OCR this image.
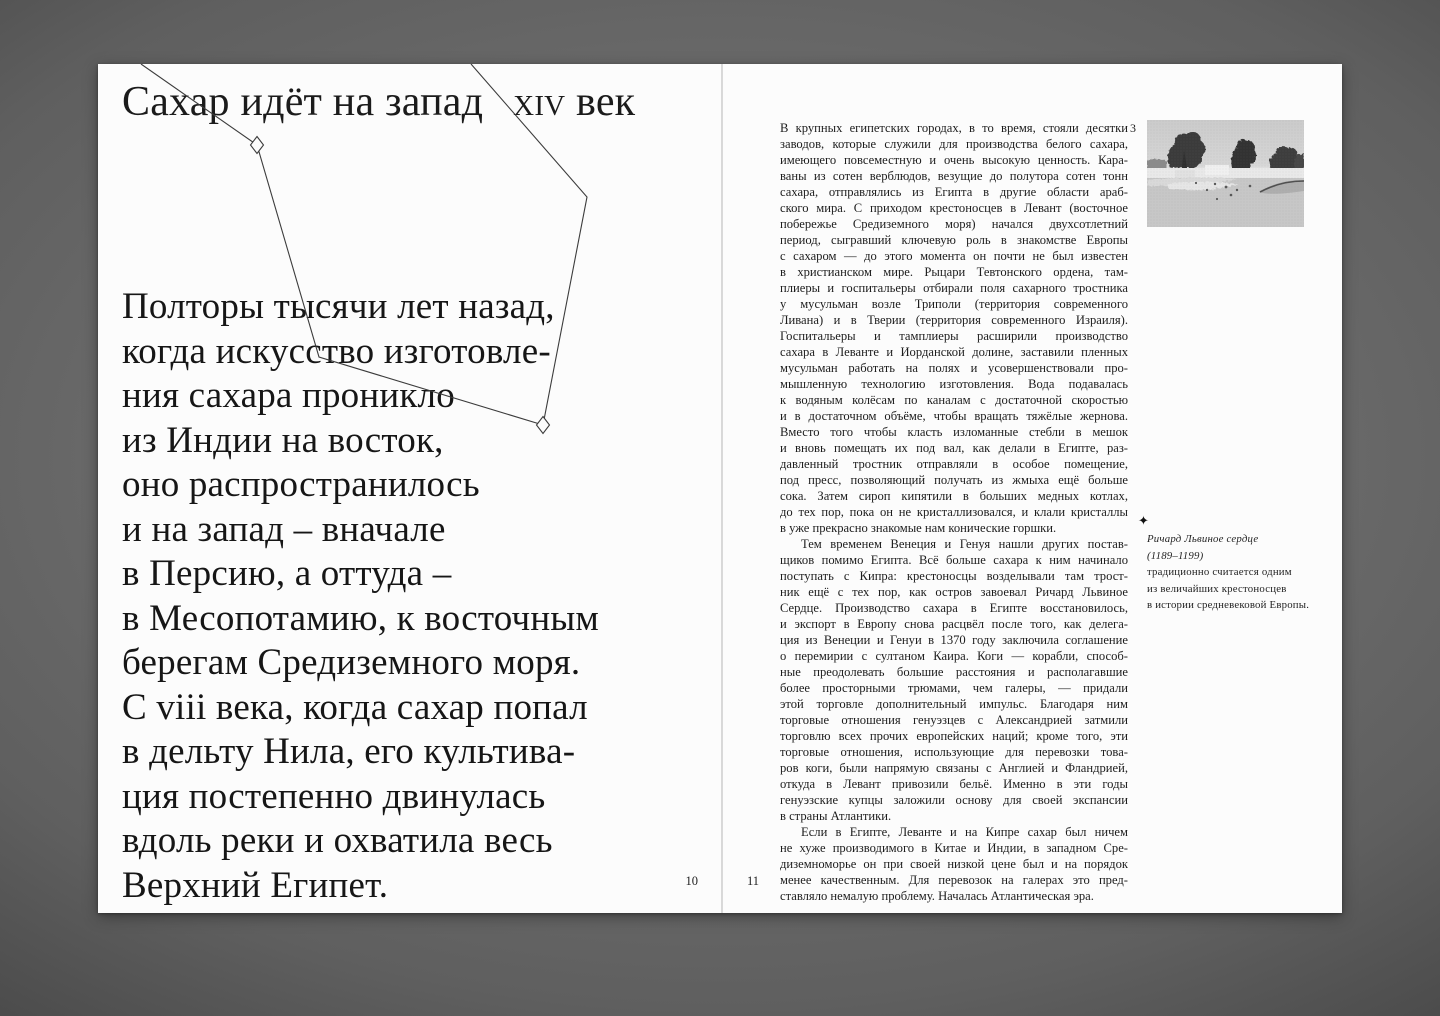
Сахар идёт на запад xiv век
Полторы тысячи лет назад,
когда искусство изготовле-
ния сахара проникло
из Индии на восток,
оно распространилось
и на запад – вначале
в Персию, а оттуда –
в Месопотамию, к восточным
берегам Средиземного моря.
С viii века, когда сахар попал
в дельту Нила, его культива-
ция постепенно двинулась
вдоль реки и охватила весь
Верхний Египет.	10	11
В крупных египетских городах, в то время, стояли десятки
заводов, которые служили для производства белого сахара,
имеющего повсеместную и очень высокую ценность. Кара-
ваны из сотен верблюдов, везущие до полутора сотен тонн
сахара, отправлялись из Египта в другие области араб-
ского мира. С приходом крестоносцев в Левант (восточное
побережье Средиземного моря) начался двухсотлетний
период, сыгравший ключевую роль в знакомстве Европы
с сахаром — до этого момента он почти не был известен
в христианском мире. Рыцари Тевтонского ордена, там-
плиеры и госпитальеры отбирали поля сахарного тростника
у мусульман возле Триполи (территория современного
Ливана) и в Тверии (территория современного Израиля).
Госпитальеры и тамплиеры расширили производство
сахара в Леванте и Иорданской долине, заставили пленных
мусульман работать на полях и усовершенствовали про-
мышленную технологию изготовления. Вода подавалась
к водяным колёсам по каналам с достаточной скоростью
и в достаточном объёме, чтобы вращать тяжёлые жернова.
Вместо того чтобы класть изломанные стебли в мешок
и вновь помещать их под вал, как делали в Египте, раз-
давленный тростник отправляли в особое помещение,
под пресс, позволяющий получать из жмыха ещё больше
сока. Затем сироп кипятили в больших медных котлах,
до тех пор, пока он не кристаллизовался, и клали кристаллы
в уже прекрасно знакомые нам конические горшки.
Тем временем Венеция и Генуя нашли других постав-
щиков помимо Египта. Всё больше сахара к ним начинало
поступать с Кипра: крестоносцы возделывали там трост-
ник ещё с тех пор, как остров завоевал Ричард Львиное
Сердце. Производство сахара в Египте восстановилось,
и экспорт в Европу снова расцвёл после того, как делега-
ция из Венеции и Генуи в 1370 году заключила соглашение
о перемирии с султаном Каира. Коги — корабли, способ-
ные преодолевать большие расстояния и располагавшие
более просторными трюмами, чем галеры, — придали
этой торговле дополнительный импульс. Благодаря ним
торговые отношения генуэзцев с Александрией затмили
торговлю всех прочих европейских наций; кроме того, эти
торговые отношения, использующие для перевозки това-
ров коги, были напрямую связаны с Англией и Фландрией,
откуда в Левант привозили бельё. Именно в эти годы
генуэзские купцы заложили основу для своей экспансии
в страны Атлантики.
Если в Египте, Леванте и на Кипре сахар был ничем
не хуже производимого в Китае и Индии, в западном Сре-
диземноморье он при своей низкой цене был и на порядок
менее качественным. Для перевозок на галерах это пред-
ставляло немалую проблему. Началась Атлантическая эра.
3
✦
Ричард Львиное сердце
(1189–1199)
традиционно считается одним
из величайших крестоносцев
в истории средневековой Европы.
